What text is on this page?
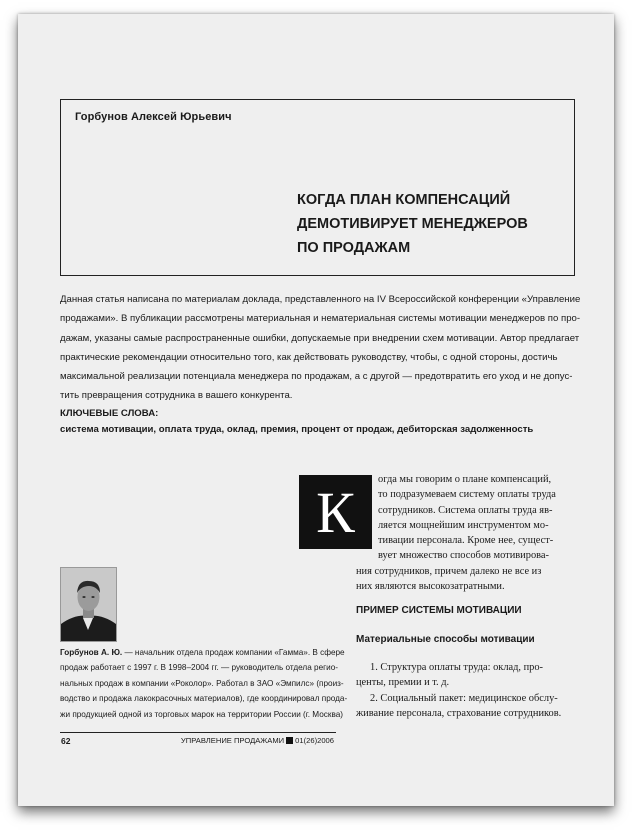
Горбунов Алексей Юрьевич
КОГДА ПЛАН КОМПЕНСАЦИЙ
ДЕМОТИВИРУЕТ МЕНЕДЖЕРОВ
ПО ПРОДАЖАМ
Данная статья написана по материалам доклада, представленного на IV Всероссийской конференции «Управление
продажами». В публикации рассмотрены материальная и нематериальная системы мотивации менеджеров по про-
дажам, указаны самые распространенные ошибки, допускаемые при внедрении схем мотивации. Автор предлагает
практические рекомендации относительно того, как действовать руководству, чтобы, с одной стороны, достичь
максимальной реализации потенциала менеджера по продажам, а с другой — предотвратить его уход и не допус-
тить превращения сотрудника в вашего конкурента.
КЛЮЧЕВЫЕ СЛОВА:
система мотивации, оплата труда, оклад, премия, процент от продаж, дебиторская задолженность
К	огда мы говорим о плане компенсаций,
то подразумеваем систему оплаты труда
сотрудников. Система оплаты труда яв-
ляется мощнейшим инструментом мо-
тивации персонала. Кроме нее, сущест-
вует множество способов мотивирова-
ния сотрудников, причем далеко не все из
них являются высокозатратными.
ПРИМЕР СИСТЕМЫ МОТИВАЦИИ
Материальные способы мотивации
1. Структура оплаты труда: оклад, про-
центы, премии и т. д.
2. Социальный пакет: медицинское обслу-
живание персонала, страхование сотрудников.
Горбунов А. Ю. — начальник отдела продаж компании «Гамма». В сфере
продаж работает с 1997 г. В 1998–2004 гг. — руководитель отдела регио-
нальных продаж в компании «Роколор». Работал в ЗАО «Эмпилс» (произ-
водство и продажа лакокрасочных материалов), где координировал прода-
жи продукцией одной из торговых марок на территории России (г. Москва)
62	УПРАВЛЕНИЕ ПРОДАЖАМИ 01(26)2006
